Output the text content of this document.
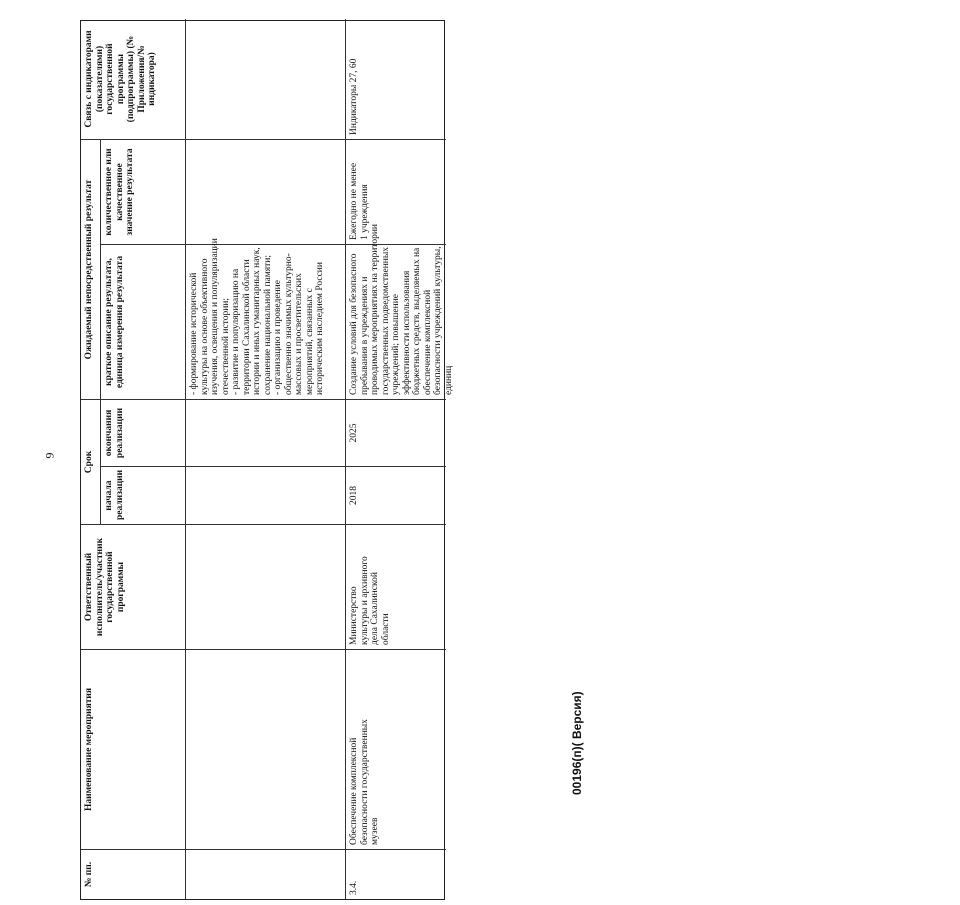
9
№ пп.
Наименование мероприятия
Ответственный исполнитель/участник государственной программы
Срок
Ожидаемый непосредственный результат
Связь с индикаторами (показателями) государственной программы (подпрограммы) (№ Приложения/№ индикатора)
начала реализации
окончания реализации
краткое описание результата, единица измерения результата
количественное или качественное значение результата
- формирование исторической культуры на основе объективного изучения, освещения и популяризации отечественной истории; - развитие и популяризацию на территории Сахалинской области истории и иных гуманитарных наук, сохранение национальной памяти; - организацию и проведение общественно значимых культурно- массовых и просветительских мероприятий, связанных с историческим наследием России
3.4.
Обеспечение комплексной безопасности государственных музеев
Министерство культуры и архивного дела Сахалинской области
2018
2025
Создание условий для безопасного пребывания в учреждениях и проводимых мероприятиях на территории государственных подведомственных учреждений; повышение эффективности использования бюджетных средств, выделяемых на обеспечение комплексной безопасности учреждений культуры, единиц
Ежегодно не менее 1 учреждения
Индикаторы 27, 60
00196(п)( Версия)
